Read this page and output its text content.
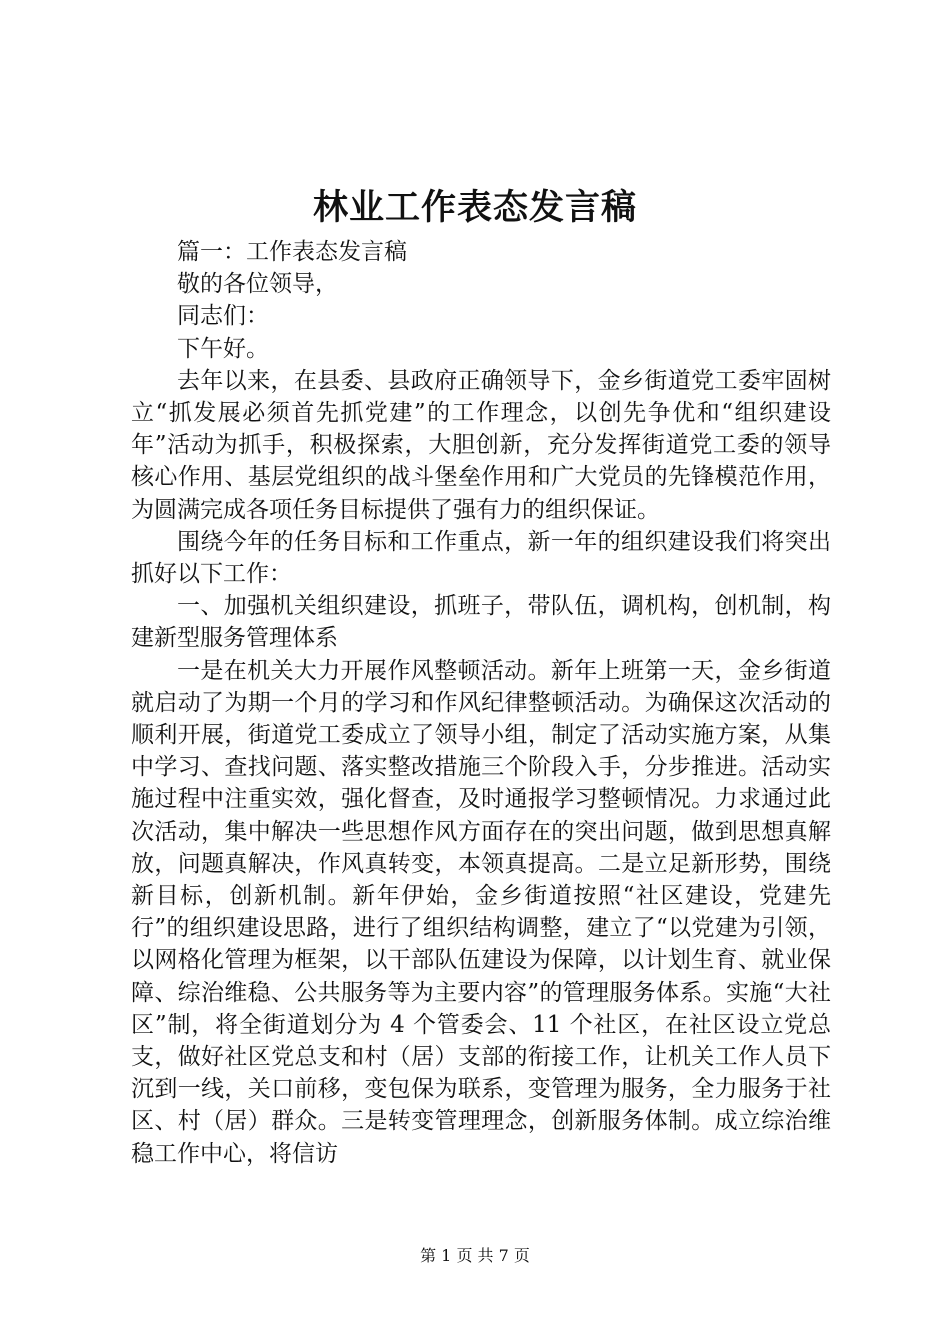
林业工作表态发言稿

篇一：工作表态发言稿

敬的各位领导，

同志们：

下午好。

去年以来，在县委、县政府正确领导下，金乡街道党工委牢固树立“抓发展必须首先抓党建”的工作理念，以创先争优和“组织建设年”活动为抓手，积极探索，大胆创新，充分发挥街道党工委的领导核心作用、基层党组织的战斗堡垒作用和广大党员的先锋模范作用，为圆满完成各项任务目标提供了强有力的组织保证。

围绕今年的任务目标和工作重点，新一年的组织建设我们将突出抓好以下工作：

一、加强机关组织建设，抓班子，带队伍，调机构，创机制，构建新型服务管理体系

一是在机关大力开展作风整顿活动。新年上班第一天，金乡街道就启动了为期一个月的学习和作风纪律整顿活动。为确保这次活动的顺利开展，街道党工委成立了领导小组，制定了活动实施方案，从集中学习、查找问题、落实整改措施三个阶段入手，分步推进。活动实施过程中注重实效，强化督查，及时通报学习整顿情况。力求通过此次活动，集中解决一些思想作风方面存在的突出问题，做到思想真解放，问题真解决，作风真转变，本领真提高。二是立足新形势，围绕新目标，创新机制。新年伊始，金乡街道按照“社区建设，党建先行”的组织建设思路，进行了组织结构调整，建立了“以党建为引领，以网格化管理为框架，以干部队伍建设为保障，以计划生育、就业保障、综治维稳、公共服务等为主要内容”的管理服务体系。实施“大社区”制，将全街道划分为 4 个管委会、11 个社区，在社区设立党总支，做好社区党总支和村（居）支部的衔接工作，让机关工作人员下沉到一线，关口前移，变包保为联系，变管理为服务，全力服务于社区、村（居）群众。三是转变管理理念，创新服务体制。成立综治维稳工作中心，将信访

第 1 页 共 7 页
